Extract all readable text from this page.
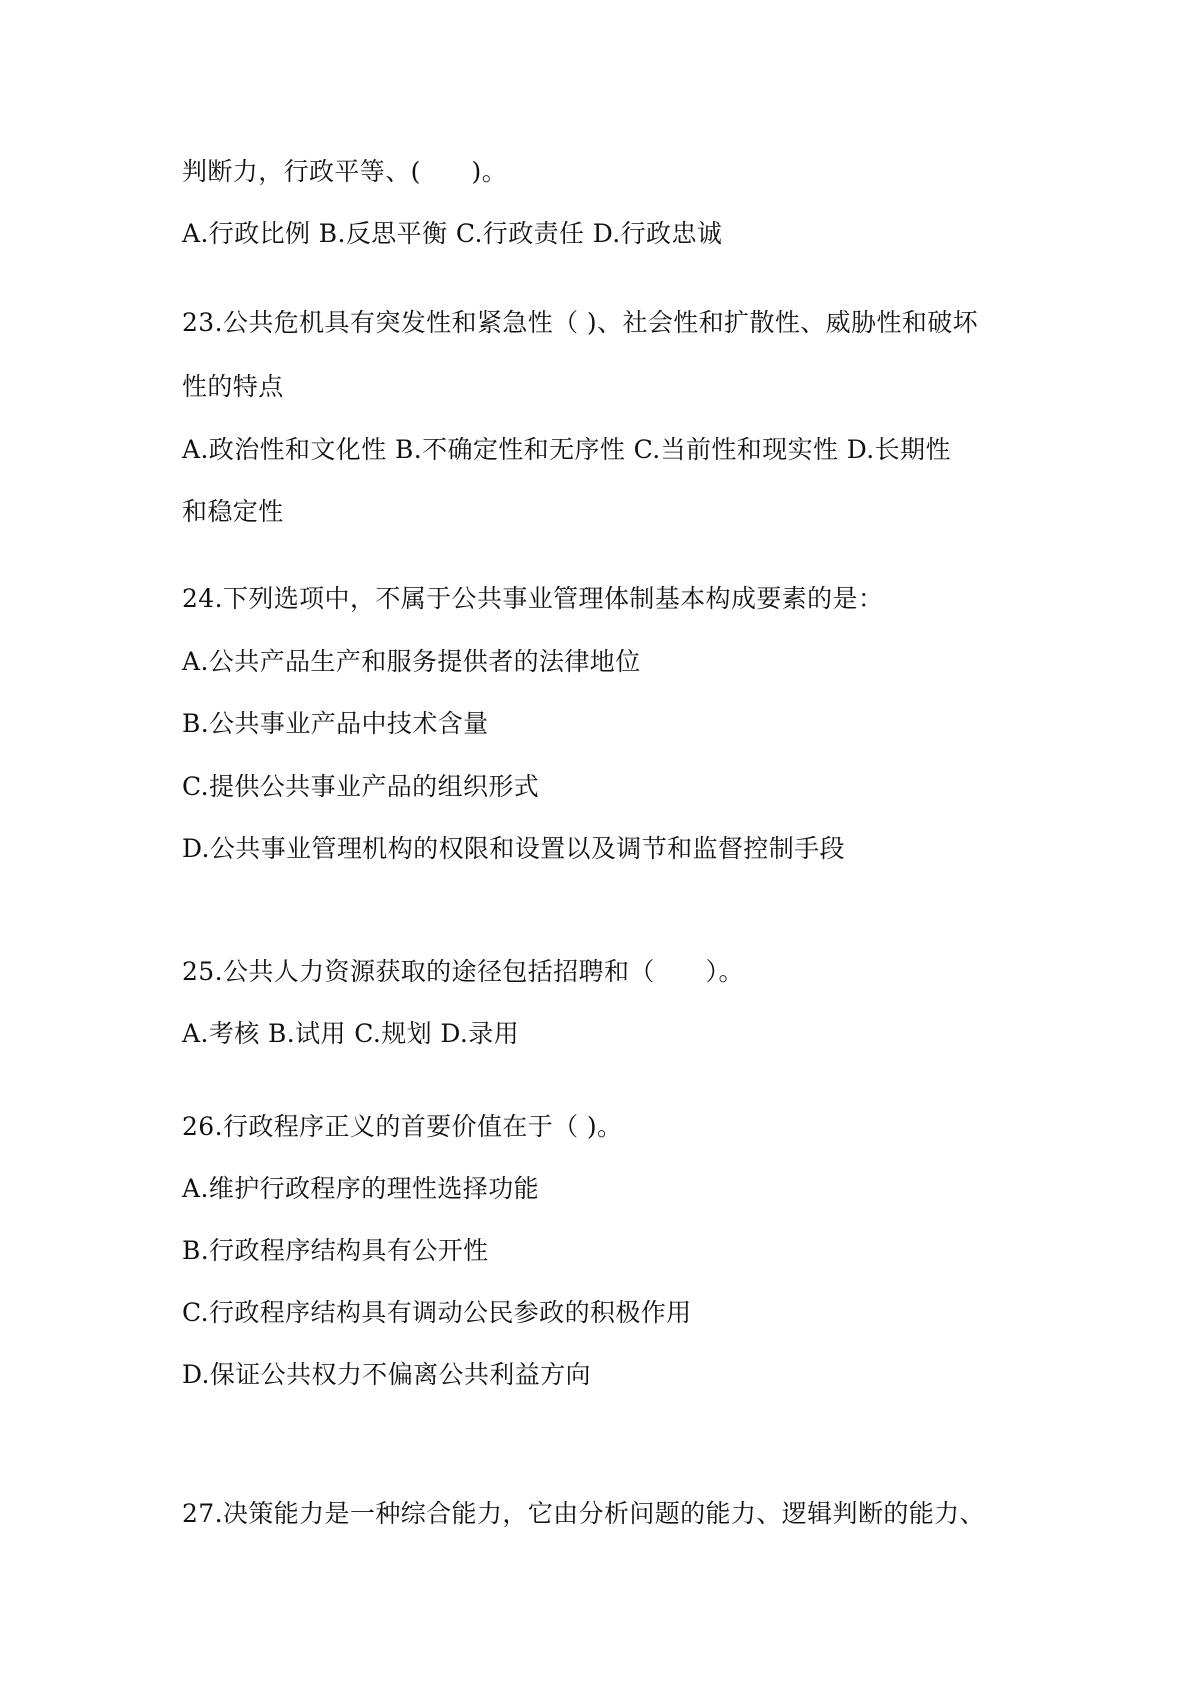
判断力，行政平等、(　　)。
A.行政比例 B.反思平衡 C.行政责任 D.行政忠诚
23.公共危机具有突发性和紧急性（ )、社会性和扩散性、威胁性和破坏
性的特点
A.政治性和文化性 B.不确定性和无序性 C.当前性和现实性 D.长期性
和稳定性
24.下列选项中，不属于公共事业管理体制基本构成要素的是：
A.公共产品生产和服务提供者的法律地位
B.公共事业产品中技术含量
C.提供公共事业产品的组织形式
D.公共事业管理机构的权限和设置以及调节和监督控制手段
25.公共人力资源获取的途径包括招聘和（　　）。
A.考核 B.试用 C.规划 D.录用
26.行政程序正义的首要价值在于（ )。
A.维护行政程序的理性选择功能
B.行政程序结构具有公开性
C.行政程序结构具有调动公民参政的积极作用
D.保证公共权力不偏离公共利益方向
27.决策能力是一种综合能力，它由分析问题的能力、逻辑判断的能力、
